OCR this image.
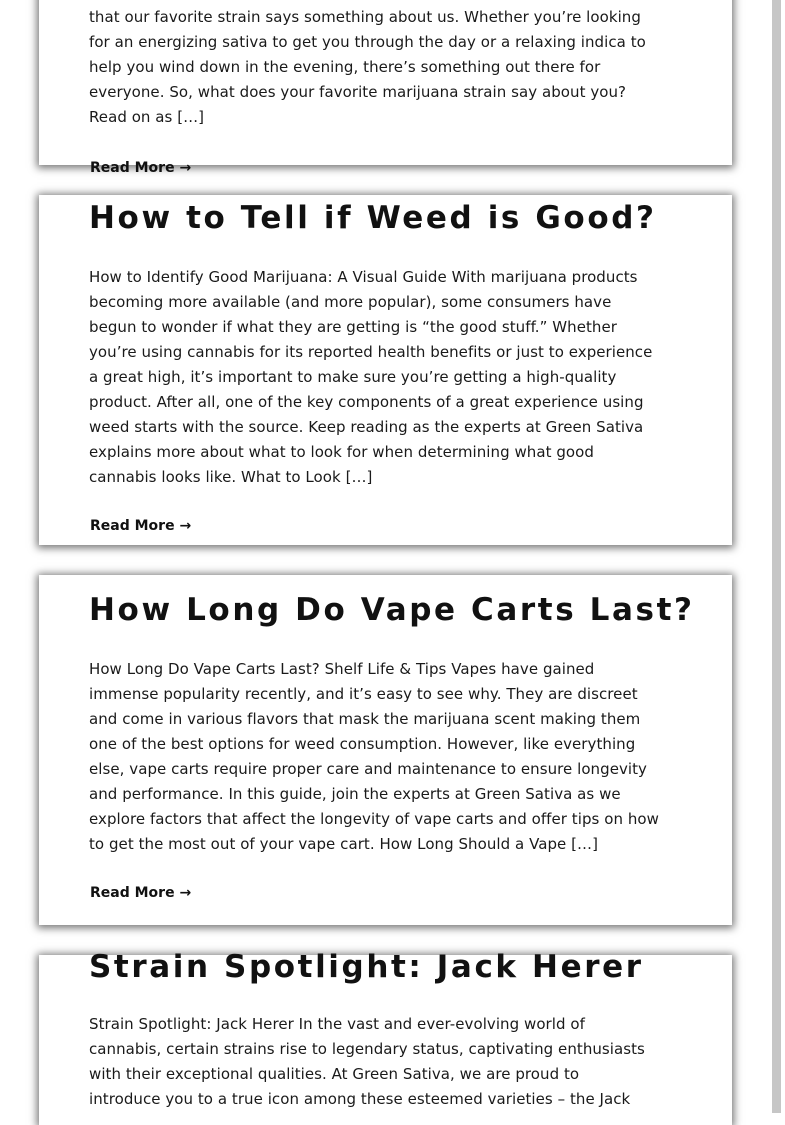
that our favorite strain says something about us. Whether you’re looking
for an energizing sativa to get you through the day or a relaxing indica to
help you wind down in the evening, there’s something out there for
everyone. So, what does your favorite marijuana strain say about you?
Read on as […]

Read More →
How to Tell if Weed is Good?

How to Identify Good Marijuana: A Visual Guide With marijuana products
becoming more available (and more popular), some consumers have
begun to wonder if what they are getting is “the good stuff.” Whether
you’re using cannabis for its reported health benefits or just to experience
a great high, it’s important to make sure you’re getting a high-quality
product. After all, one of the key components of a great experience using
weed starts with the source. Keep reading as the experts at Green Sativa
explains more about what to look for when determining what good
cannabis looks like. What to Look […]

Read More →
How Long Do Vape Carts Last?

How Long Do Vape Carts Last? Shelf Life & Tips Vapes have gained
immense popularity recently, and it’s easy to see why. They are discreet
and come in various flavors that mask the marijuana scent making them
one of the best options for weed consumption. However, like everything
else, vape carts require proper care and maintenance to ensure longevity
and performance. In this guide, join the experts at Green Sativa as we
explore factors that affect the longevity of vape carts and offer tips on how
to get the most out of your vape cart. How Long Should a Vape […]

Read More →
Strain Spotlight: Jack Herer

Strain Spotlight: Jack Herer In the vast and ever-evolving world of
cannabis, certain strains rise to legendary status, captivating enthusiasts
with their exceptional qualities. At Green Sativa, we are proud to
introduce you to a true icon among these esteemed varieties – the Jack
